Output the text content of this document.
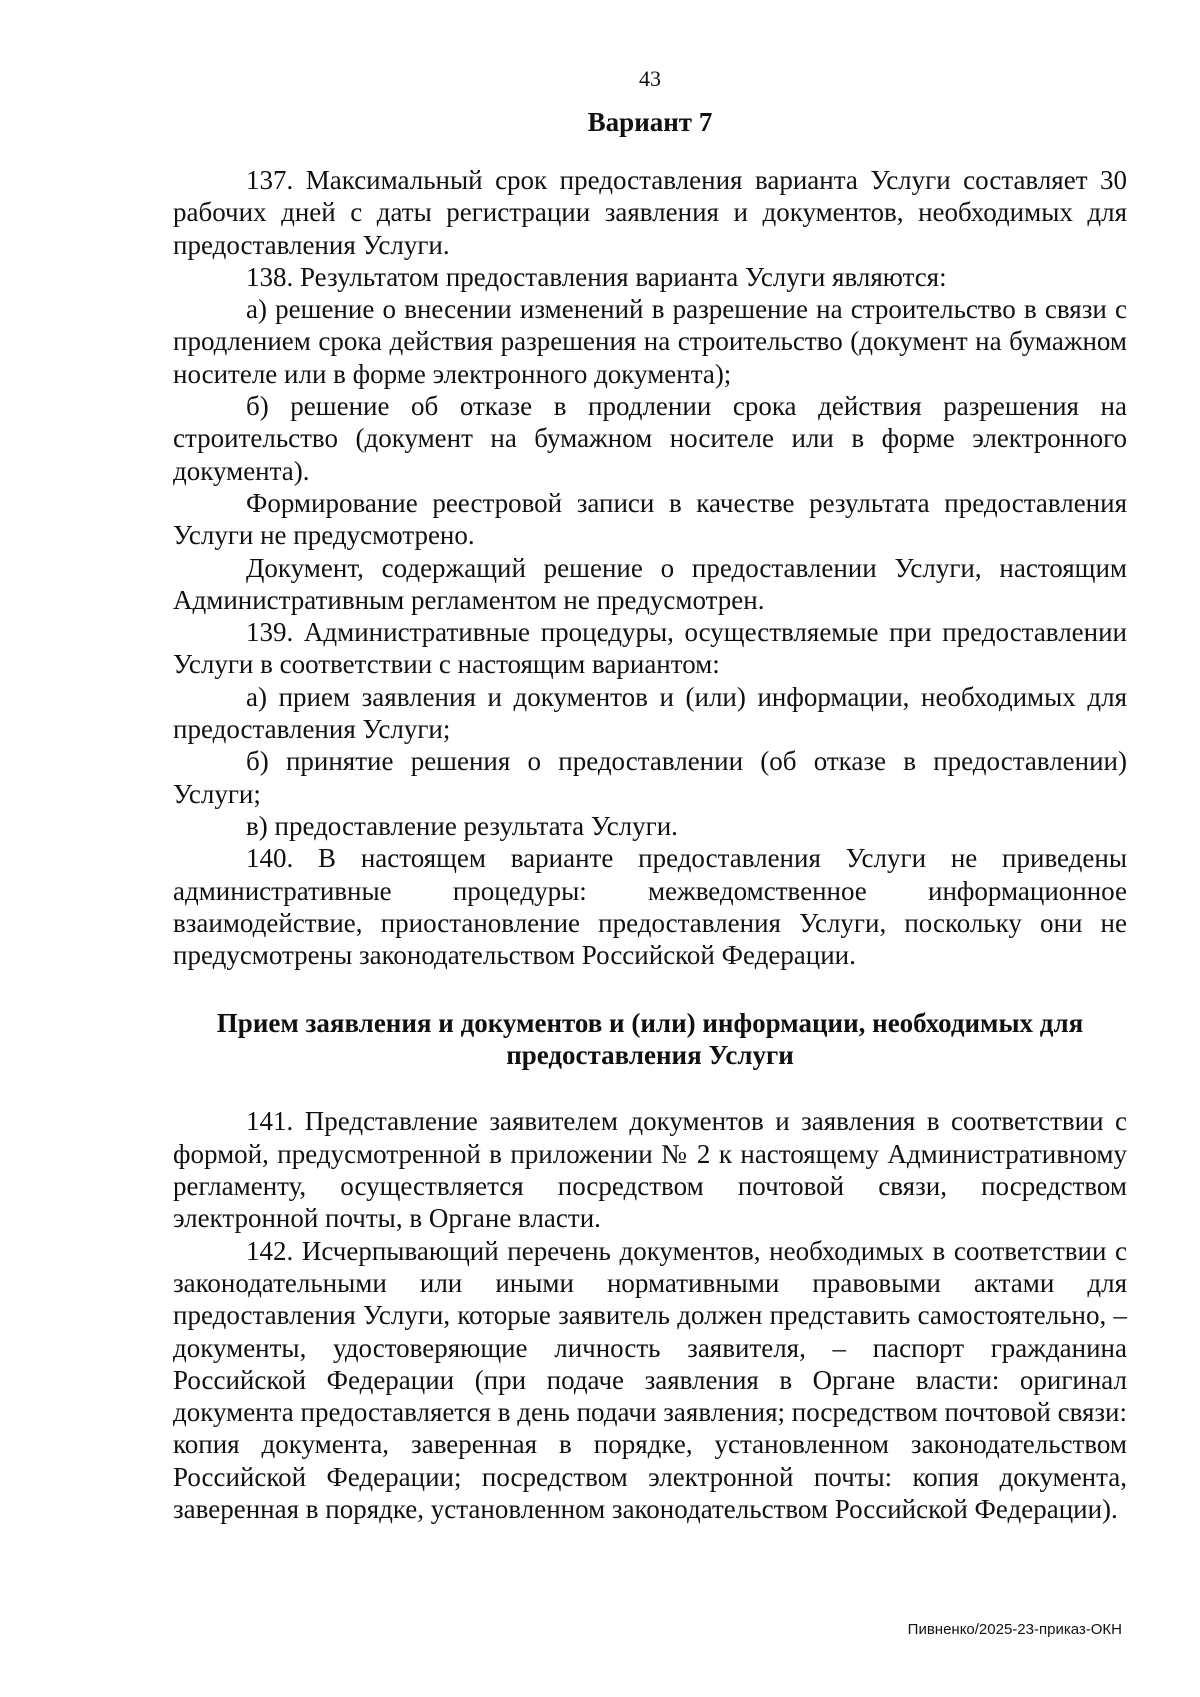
43
Вариант 7

137. Максимальный срок предоставления варианта Услуги составляет 30 рабочих дней с даты регистрации заявления и документов, необходимых для предоставления Услуги.

138. Результатом предоставления варианта Услуги являются:

а) решение о внесении изменений в разрешение на строительство в связи с продлением срока действия разрешения на строительство (документ на бумажном носителе или в форме электронного документа);

б) решение об отказе в продлении срока действия разрешения на строительство (документ на бумажном носителе или в форме электронного документа).

Формирование реестровой записи в качестве результата предоставления Услуги не предусмотрено.

Документ, содержащий решение о предоставлении Услуги, настоящим Административным регламентом не предусмотрен.

139. Административные процедуры, осуществляемые при предоставлении Услуги в соответствии с настоящим вариантом:

а) прием заявления и документов и (или) информации, необходимых для предоставления Услуги;

б) принятие решения о предоставлении (об отказе в предоставлении) Услуги;

в) предоставление результата Услуги.

140. В настоящем варианте предоставления Услуги не приведены административные процедуры: межведомственное информационное взаимодействие, приостановление предоставления Услуги, поскольку они не предусмотрены законодательством Российской Федерации.

Прием заявления и документов и (или) информации, необходимых для предоставления Услуги

141. Представление заявителем документов и заявления в соответствии с формой, предусмотренной в приложении № 2 к настоящему Административному регламенту, осуществляется посредством почтовой связи, посредством электронной почты, в Органе власти.

142. Исчерпывающий перечень документов, необходимых в соответствии с законодательными или иными нормативными правовыми актами для предоставления Услуги, которые заявитель должен представить самостоятельно, – документы, удостоверяющие личность заявителя, – паспорт гражданина Российской Федерации (при подаче заявления в Органе власти: оригинал документа предоставляется в день подачи заявления; посредством почтовой связи: копия документа, заверенная в порядке, установленном законодательством Российской Федерации; посредством электронной почты: копия документа, заверенная в порядке, установленном законодательством Российской Федерации).

Пивненко/2025-23-приказ-ОКН
